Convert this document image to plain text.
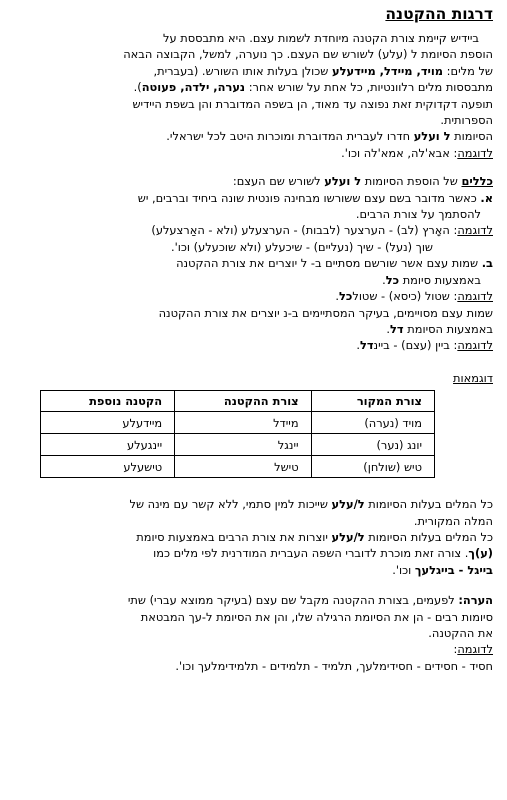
דרגות ההקטנה

ביידיש קיימת צורת הקטנה מיוחדת לשמות עצם. היא מתבססת על

הוספת הסיומת ל (עלע) לשורש שם העצם. כך נוערה, למשל, הקבוצה הבאה

של מלים: מויד, מיידל, מיידעלע שכולן בעלות אותו השורש. (בעברית,

מתבססות מלים רלוונטיות, כל אחת על שורש אחר: נערה, ילדה, פעוטה).

תופעה דקדוקית זאת נפוצה עד מאוד, הן בשפה המדוברת והן בשפת היידיש

הספרותית.

הסיומות ל ועלע חדרו לעברית המדוברת ומוכרות היטב לכל ישראלי.

לדוגמה: אבא'לה, אמא'לה וכו'.

כללים של הוספת הסיומות ל ועלע לשורש שם העצם:

א. כאשר מדובר בשם עצם ששורשו מבחינה פונטית שונה ביחיד וברבים, יש

להסתמך על צורת הרבים.

לדוגמה: האָרץ (לב) - הערצער (לבבות) - הערצעלע (ולא - האַרצעלע)

שוך (נעל) - שיך (נעליים) - שיכעלע (ולא שוכעלע) וכו'.

ב. שמות עצם אשר שורשם מסתיים ב- ל יוצרים את צורת ההקטנה

באמצעות סיומת כל.

לדוגמה: שטול (כיסא) - שטולכל.

שמות עצם מסויימים, בעיקר המסתיימים ב-נ יוצרים את צורת ההקטנה

באמצעות הסיומת דל.

לדוגמה: ביין (עצם) - ביינדל.

דוגמאות

צורת המקור	צורת ההקטנה	הקטנה נוספת
מויד (נערה)	מיידל	מיידעלע
יונג (נער)	יינגל	יינגעלע
טיש (שולחן)	טישל	טישעלע

כל המלים בעלות הסיומות ל/עלע שייכות למין סתמי, ללא קשר עם מינה של

המלה המקורית.

כל המלים בעלות הסיומות ל/עלע יוצרות את צורת הרבים באמצעות סיומת

(ע)ך. צורה זאת מוכרת לדוברי השפה העברית המודרנית לפי מלים כמו

בייגל - בייגלעך וכו'.

הערה: לפעמים, בצורת ההקטנה מקבל שם עצם (בעיקר ממוצא עברי) שתי

סיומות רבים - הן את הסיומת הרגילה שלו, והן את הסיומת ל-עך המבטאת

את ההקטנה.

לדוגמה:

חסיד - חסידים - חסידימלעך, תלמיד - תלמידים - תלמידימלעך וכו'.
